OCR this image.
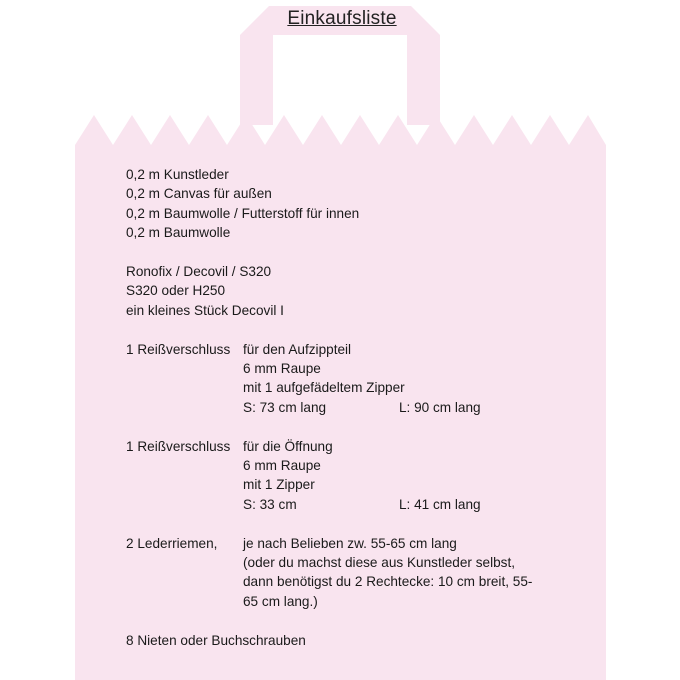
Einkaufsliste
0,2 m Kunstleder
0,2 m Canvas für außen
0,2 m Baumwolle / Futterstoff für innen
0,2 m Baumwolle
Ronofix / Decovil / S320
S320 oder H250
ein kleines Stück Decovil I
1 Reißverschluss für den Aufzippteil
6 mm Raupe
mit 1 aufgefädeltem Zipper
S: 73 cm lang	L: 90 cm lang
1 Reißverschluss für die Öffnung
6 mm Raupe
mit 1 Zipper
S: 33 cm	L: 41 cm lang
2 Lederriemen,	je nach Belieben zw. 55-65 cm lang
(oder du machst diese aus Kunstleder selbst,
dann benötigst du 2 Rechtecke: 10 cm breit, 55-
65 cm lang.)
8 Nieten oder Buchschrauben
